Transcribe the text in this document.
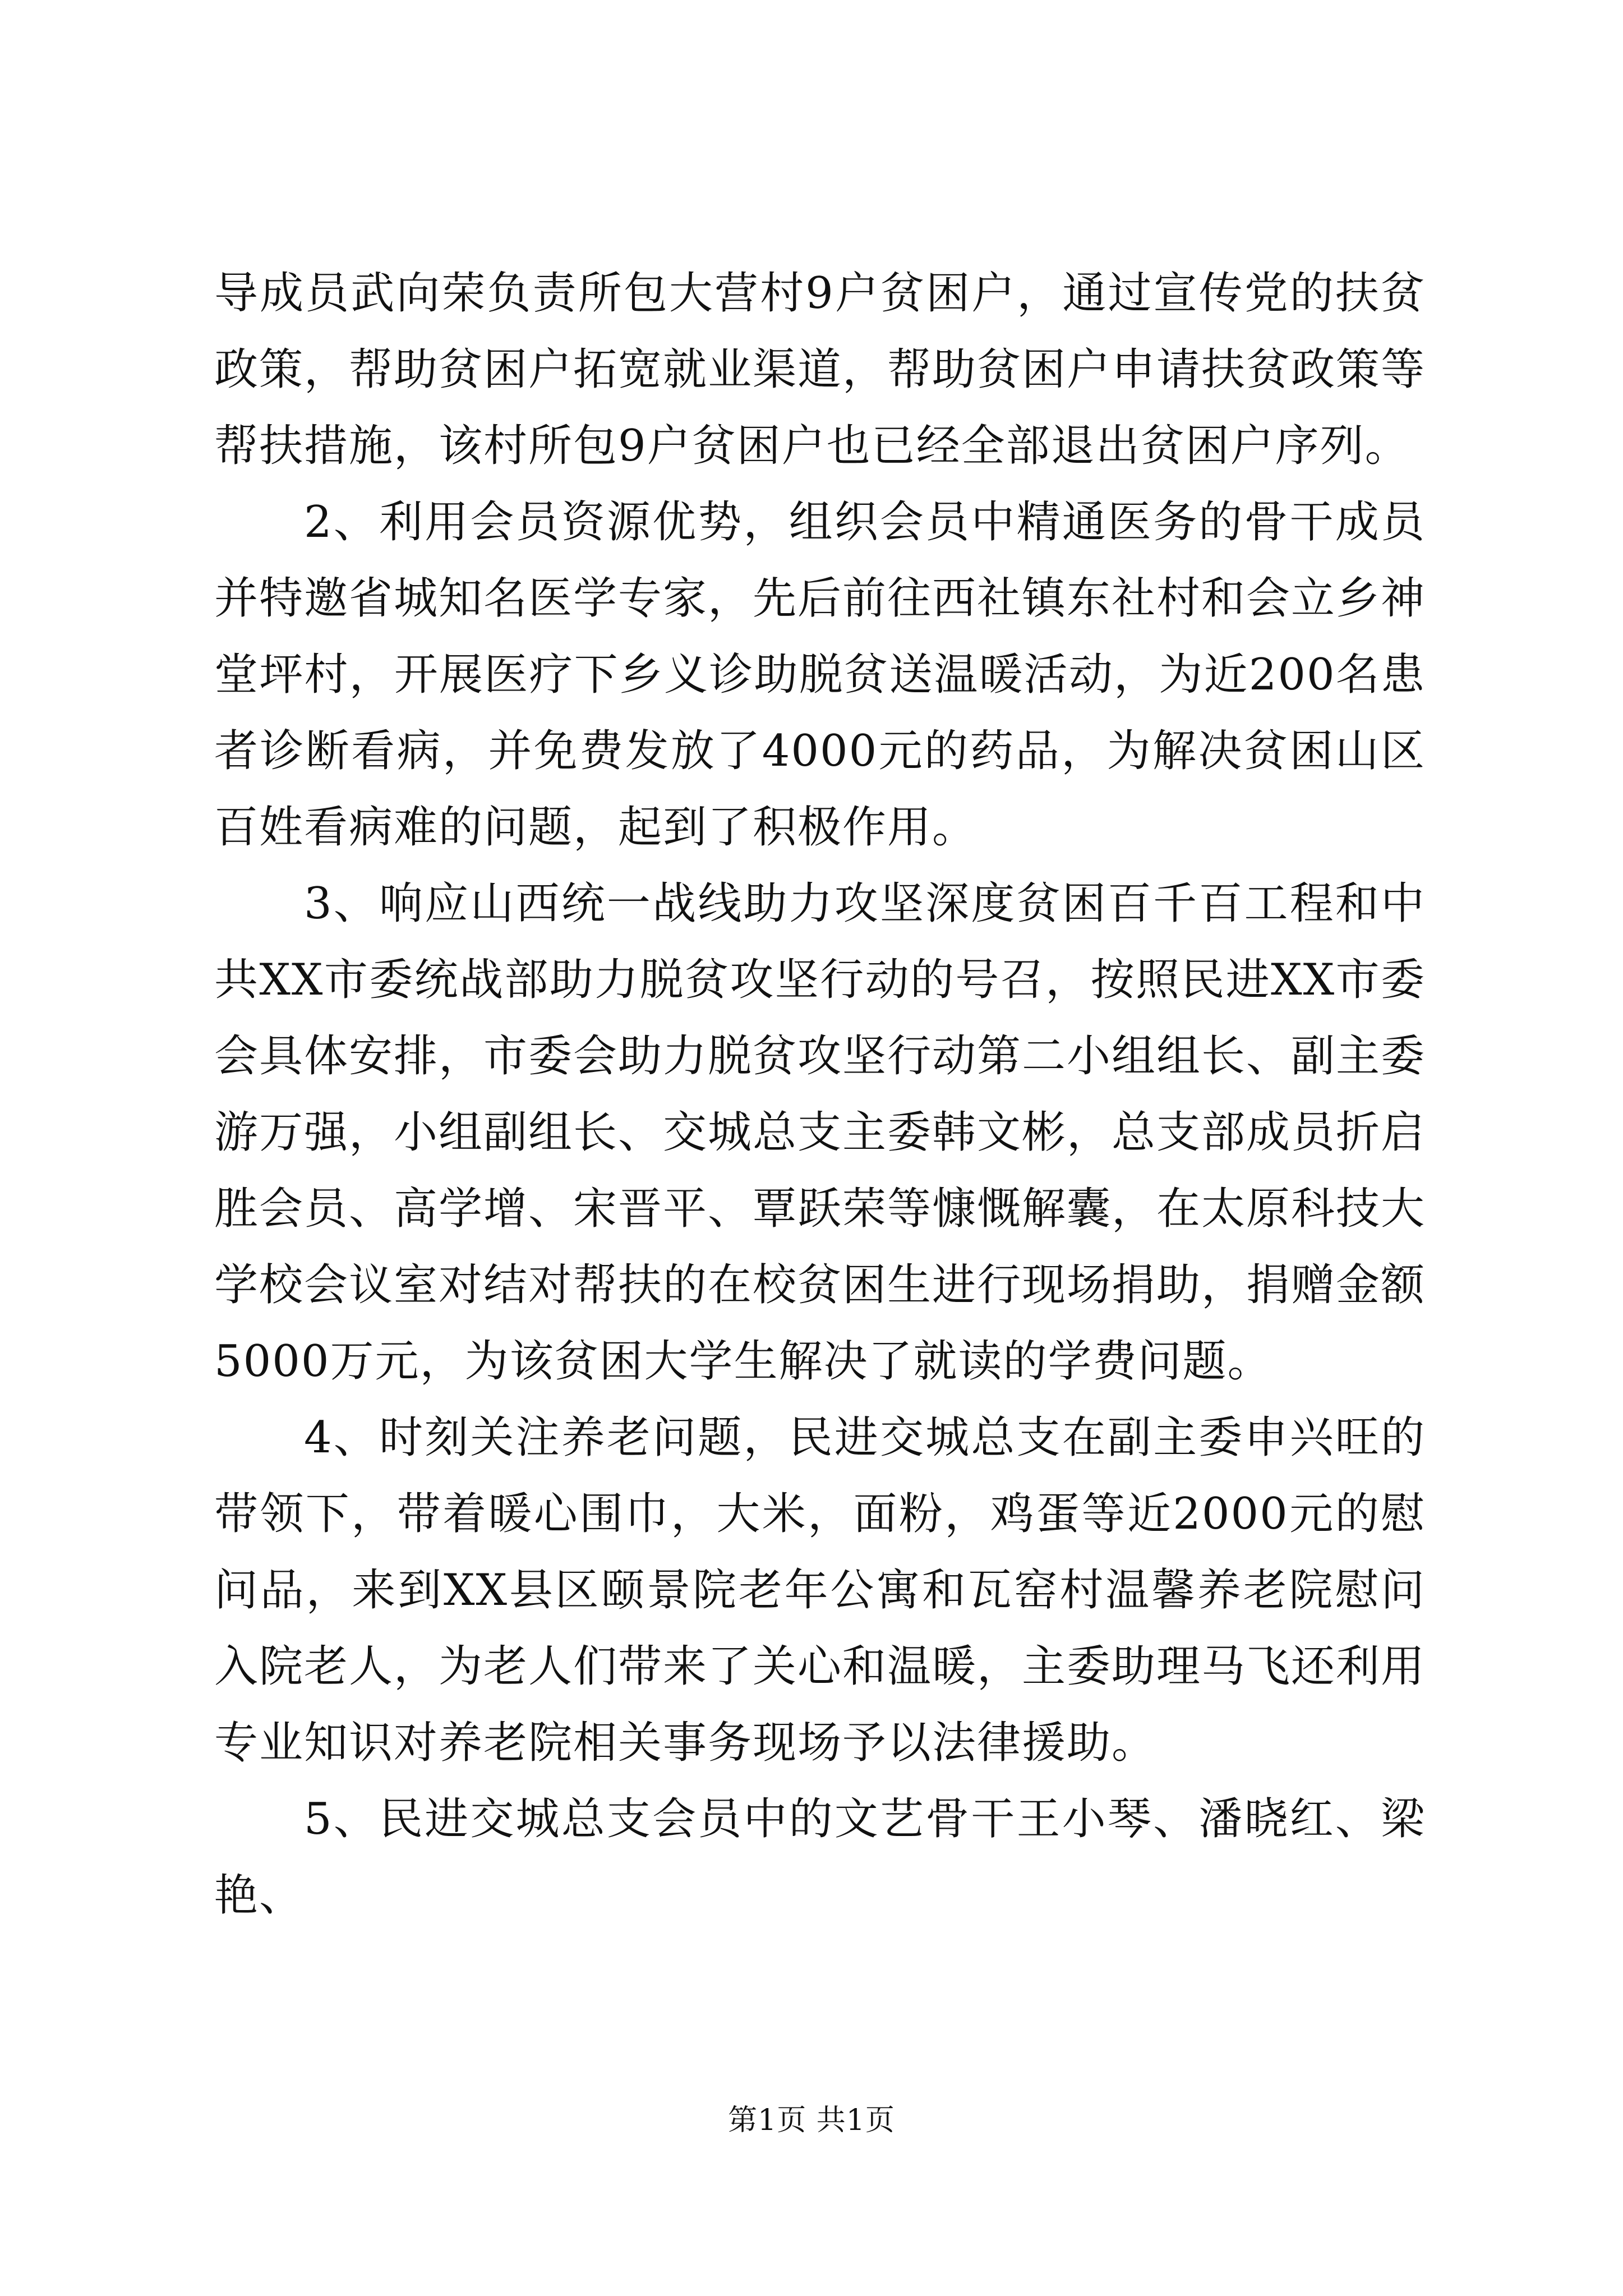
导成员武向荣负责所包大营村9户贫困户，通过宣传党的扶贫政策，帮助贫困户拓宽就业渠道，帮助贫困户申请扶贫政策等帮扶措施，该村所包9户贫困户也已经全部退出贫困户序列。

2、利用会员资源优势，组织会员中精通医务的骨干成员并特邀省城知名医学专家，先后前往西社镇东社村和会立乡神堂坪村，开展医疗下乡义诊助脱贫送温暖活动，为近200名患者诊断看病，并免费发放了4000元的药品，为解决贫困山区百姓看病难的问题，起到了积极作用。

3、响应山西统一战线助力攻坚深度贫困百千百工程和中共XX市委统战部助力脱贫攻坚行动的号召，按照民进XX市委会具体安排，市委会助力脱贫攻坚行动第二小组组长、副主委游万强，小组副组长、交城总支主委韩文彬，总支部成员折启胜会员、高学增、宋晋平、覃跃荣等慷慨解囊，在太原科技大学校会议室对结对帮扶的在校贫困生进行现场捐助，捐赠金额5000万元，为该贫困大学生解决了就读的学费问题。

4、时刻关注养老问题，民进交城总支在副主委申兴旺的带领下，带着暖心围巾，大米，面粉，鸡蛋等近2000元的慰问品，来到XX县区颐景院老年公寓和瓦窑村温馨养老院慰问入院老人，为老人们带来了关心和温暖，主委助理马飞还利用专业知识对养老院相关事务现场予以法律援助。

5、民进交城总支会员中的文艺骨干王小琴、潘晓红、梁艳、

第1页 共1页
